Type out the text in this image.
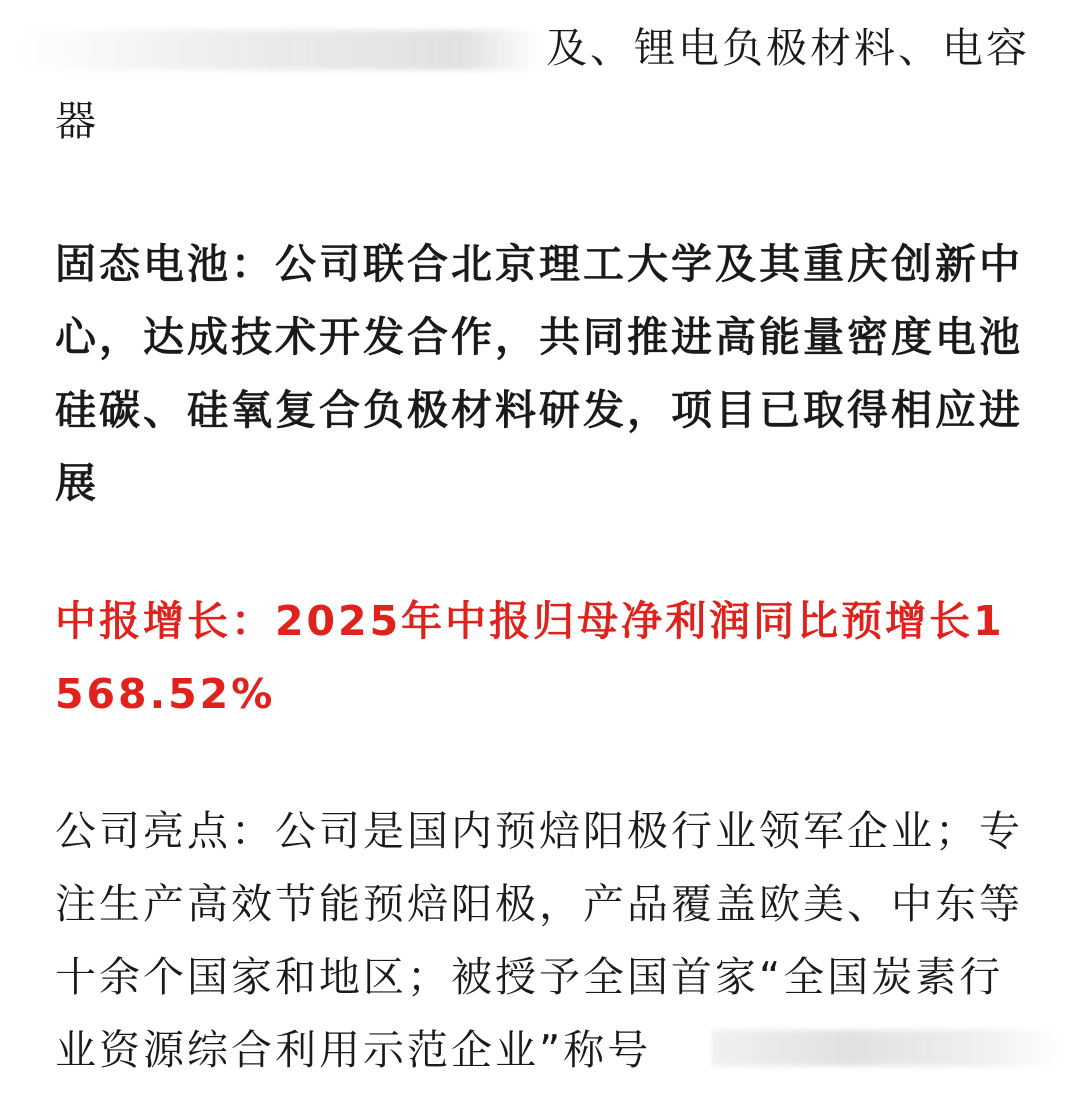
及、锂电负极材料、电容
器

固态电池：公司联合北京理工大学及其重庆创新中心，达成技术开发合作，共同推进高能量密度电池硅碳、硅氧复合负极材料研发，项目已取得相应进展

中报增长：2025年中报归母净利润同比预增长1568.52%

公司亮点：公司是国内预焙阳极行业领军企业；专注生产高效节能预焙阳极，产品覆盖欧美、中东等十余个国家和地区；被授予全国首家“全国炭素行业资源综合利用示范企业”称号
